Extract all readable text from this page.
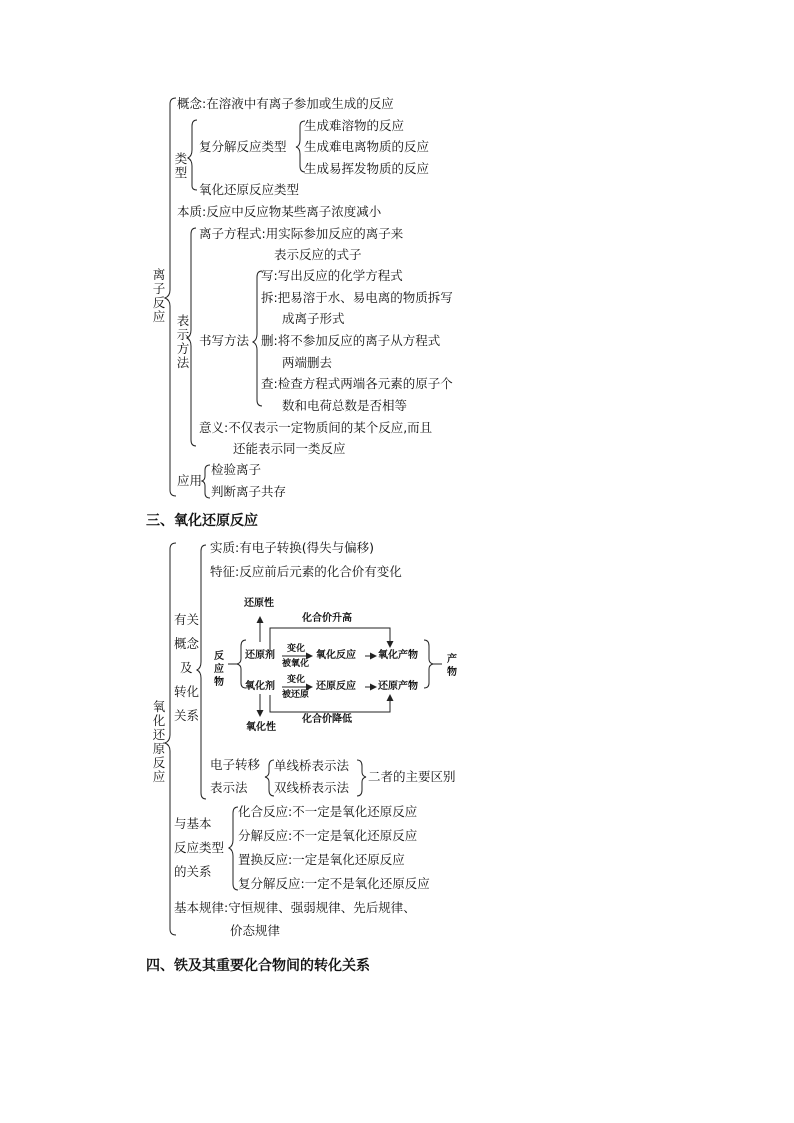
离子反应
概念:在溶液中有离子参加或生成的反应
类型
复分解反应类型
生成难溶物的反应
生成难电离物质的反应
生成易挥发物质的反应
氧化还原反应类型
本质:反应中反应物某些离子浓度减小
表示方法
离子方程式:用实际参加反应的离子来
表示反应的式子
书写方法
写:写出反应的化学方程式
拆:把易溶于水、易电离的物质拆写
成离子形式
删:将不参加反应的离子从方程式
两端删去
查:检查方程式两端各元素的原子个
数和电荷总数是否相等
意义:不仅表示一定物质间的某个反应,而且
还能表示同一类反应
应用
检验离子
判断离子共存
三、氧化还原反应
氧化还原反应
实质:有电子转换(得失与偏移)
特征:反应前后元素的化合价有变化
有关
概念
及
转化
关系
还原性
氧化性
化合价升高
化合价降低
反应物
还原剂
氧化剂
变化
被氧化
变化
被还原
氧化反应
还原反应
氧化产物
还原产物
产物
电子转移
表示法
单线桥表示法
双线桥表示法
二者的主要区别
与基本
反应类型
的关系
化合反应:不一定是氧化还原反应
分解反应:不一定是氧化还原反应
置换反应:一定是氧化还原反应
复分解反应:一定不是氧化还原反应
基本规律:守恒规律、强弱规律、先后规律、
价态规律
四、铁及其重要化合物间的转化关系
